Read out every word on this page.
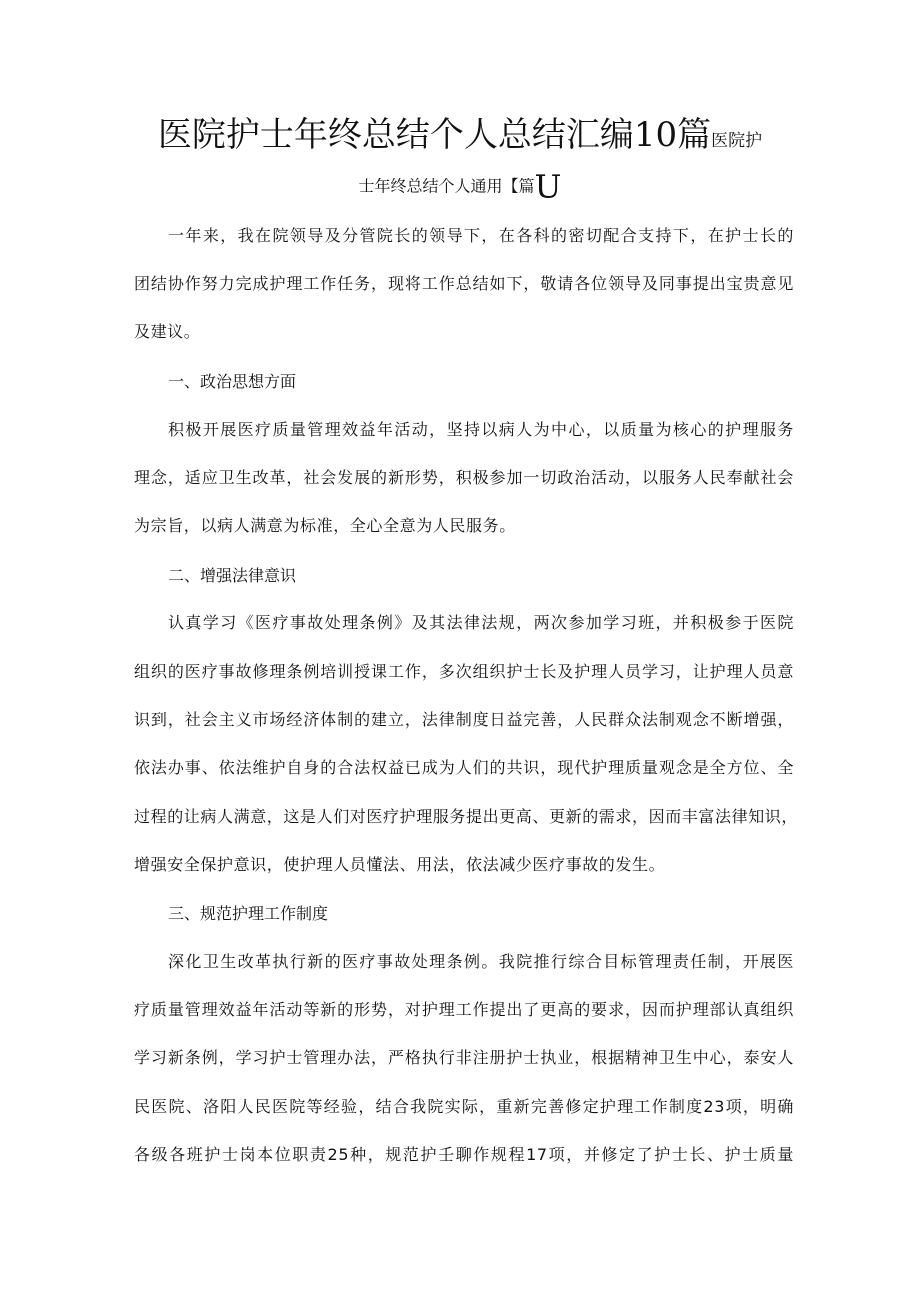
医院护士年终总结个人总结汇编10篇医院护
士年终总结个人通用【篇U
一年来，我在院领导及分管院长的领导下，在各科的密切配合支持下，在护士长的
团结协作努力完成护理工作任务，现将工作总结如下，敬请各位领导及同事提出宝贵意见
及建议。
一、政治思想方面
积极开展医疗质量管理效益年活动，坚持以病人为中心，以质量为核心的护理服务
理念，适应卫生改革，社会发展的新形势，积极参加一切政治活动，以服务人民奉献社会
为宗旨，以病人满意为标准，全心全意为人民服务。
二、增强法律意识
认真学习《医疗事故处理条例》及其法律法规，两次参加学习班，并积极参于医院
组织的医疗事故修理条例培训授课工作，多次组织护士长及护理人员学习，让护理人员意
识到，社会主义市场经济体制的建立，法律制度日益完善，人民群众法制观念不断增强，
依法办事、依法维护自身的合法权益已成为人们的共识，现代护理质量观念是全方位、全
过程的让病人满意，这是人们对医疗护理服务提出更高、更新的需求，因而丰富法律知识，
增强安全保护意识，使护理人员懂法、用法，依法减少医疗事故的发生。
三、规范护理工作制度
深化卫生改革执行新的医疗事故处理条例。我院推行综合目标管理责任制，开展医
疗质量管理效益年活动等新的形势，对护理工作提出了更高的要求，因而护理部认真组织
学习新条例，学习护士管理办法，严格执行非注册护士执业，根据精神卫生中心，泰安人
民医院、洛阳人民医院等经验，结合我院实际，重新完善修定护理工作制度23项，明确
各级各班护士岗本位职责25种，规范护壬聊作规程17项，并修定了护士长、护士质量
